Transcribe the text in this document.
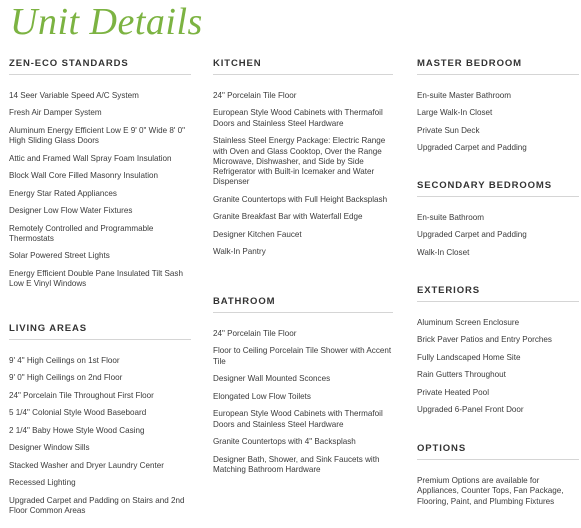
Unit Details
ZEN-ECO STANDARDS
14 Seer Variable Speed A/C System
Fresh Air Damper System
Aluminum Energy Efficient Low E 9' 0" Wide 8' 0" High Sliding Glass Doors
Attic and Framed Wall Spray Foam Insulation
Block Wall Core Filled Masonry Insulation
Energy Star Rated Appliances
Designer Low Flow Water Fixtures
Remotely Controlled and Programmable Thermostats
Solar Powered Street Lights
Energy Efficient Double Pane Insulated Tilt Sash Low E Vinyl Windows
LIVING AREAS
9' 4" High Ceilings on 1st Floor
9' 0" High Ceilings on 2nd Floor
24" Porcelain Tile Throughout First Floor
5 1/4" Colonial Style Wood Baseboard
2 1/4" Baby Howe Style Wood Casing
Designer Window Sills
Stacked Washer and Dryer Laundry Center
Recessed Lighting
Upgraded Carpet and Padding on Stairs and 2nd Floor Common Areas
KITCHEN
24" Porcelain Tile Floor
European Style Wood Cabinets with Thermafoil Doors and Stainless Steel Hardware
Stainless Steel Energy Package: Electric Range with Oven and Glass Cooktop, Over the Range Microwave, Dishwasher, and Side by Side Refrigerator with Built-in Icemaker and Water Dispenser
Granite Countertops with Full Height Backsplash
Granite Breakfast Bar with Waterfall Edge
Designer Kitchen Faucet
Walk-In Pantry
BATHROOM
24" Porcelain Tile Floor
Floor to Ceiling Porcelain Tile Shower with Accent Tile
Designer Wall Mounted Sconces
Elongated Low Flow Toilets
European Style Wood Cabinets with Thermafoil Doors and Stainless Steel Hardware
Granite Countertops with 4" Backsplash
Designer Bath, Shower, and Sink Faucets with Matching Bathroom Hardware
MASTER BEDROOM
En-suite Master Bathroom
Large Walk-In Closet
Private Sun Deck
Upgraded Carpet and Padding
SECONDARY BEDROOMS
En-suite Bathroom
Upgraded Carpet and Padding
Walk-In Closet
EXTERIORS
Aluminum Screen Enclosure
Brick Paver Patios and Entry Porches
Fully Landscaped Home Site
Rain Gutters Throughout
Private Heated Pool
Upgraded 6-Panel Front Door
OPTIONS

Premium Options are available for Appliances, Counter Tops, Fan Package, Flooring, Paint, and Plumbing Fixtures
